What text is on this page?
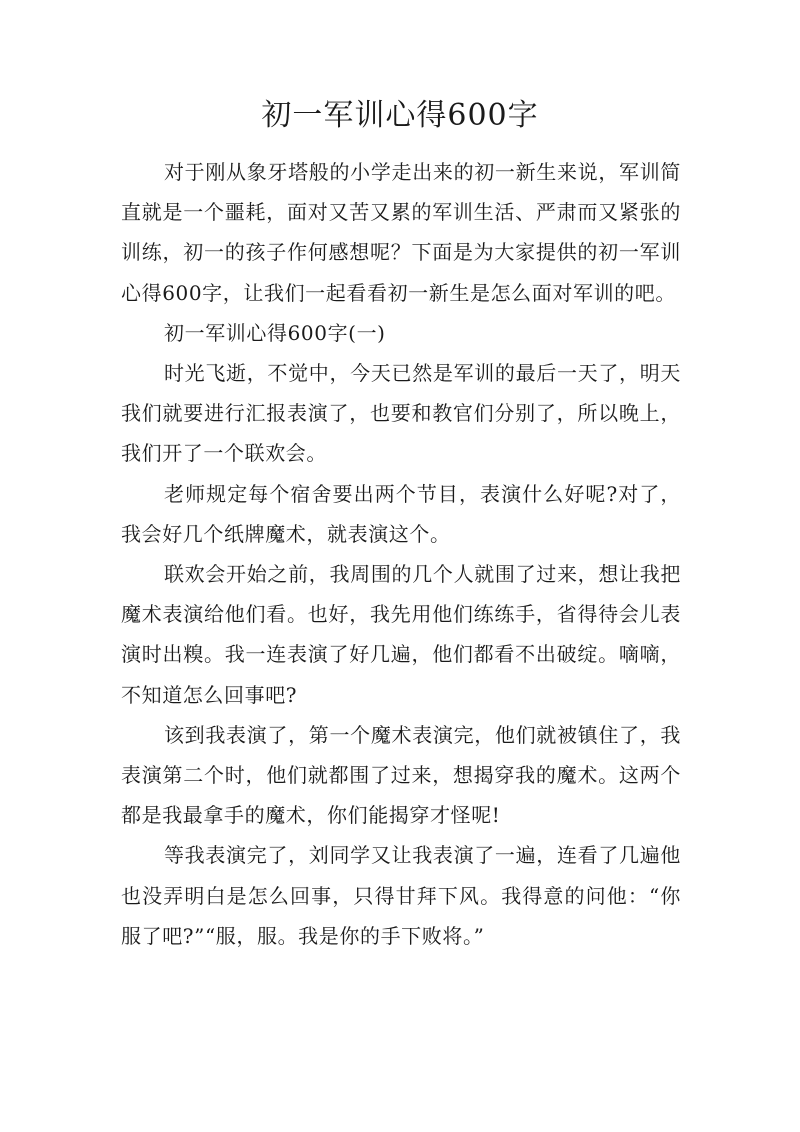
初一军训心得600字

对于刚从象牙塔般的小学走出来的初一新生来说，军训简直就是一个噩耗，面对又苦又累的军训生活、严肃而又紧张的训练，初一的孩子作何感想呢？下面是为大家提供的初一军训心得600字，让我们一起看看初一新生是怎么面对军训的吧。

初一军训心得600字(一)

时光飞逝，不觉中，今天已然是军训的最后一天了，明天我们就要进行汇报表演了，也要和教官们分别了，所以晚上，我们开了一个联欢会。

老师规定每个宿舍要出两个节目，表演什么好呢?对了，我会好几个纸牌魔术，就表演这个。

联欢会开始之前，我周围的几个人就围了过来，想让我把魔术表演给他们看。也好，我先用他们练练手，省得待会儿表演时出糗。我一连表演了好几遍，他们都看不出破绽。嘀嘀，不知道怎么回事吧?

该到我表演了，第一个魔术表演完，他们就被镇住了，我表演第二个时，他们就都围了过来，想揭穿我的魔术。这两个都是我最拿手的魔术，你们能揭穿才怪呢!

等我表演完了，刘同学又让我表演了一遍，连看了几遍他也没弄明白是怎么回事，只得甘拜下风。我得意的问他：“你服了吧?”“服，服。我是你的手下败将。”
